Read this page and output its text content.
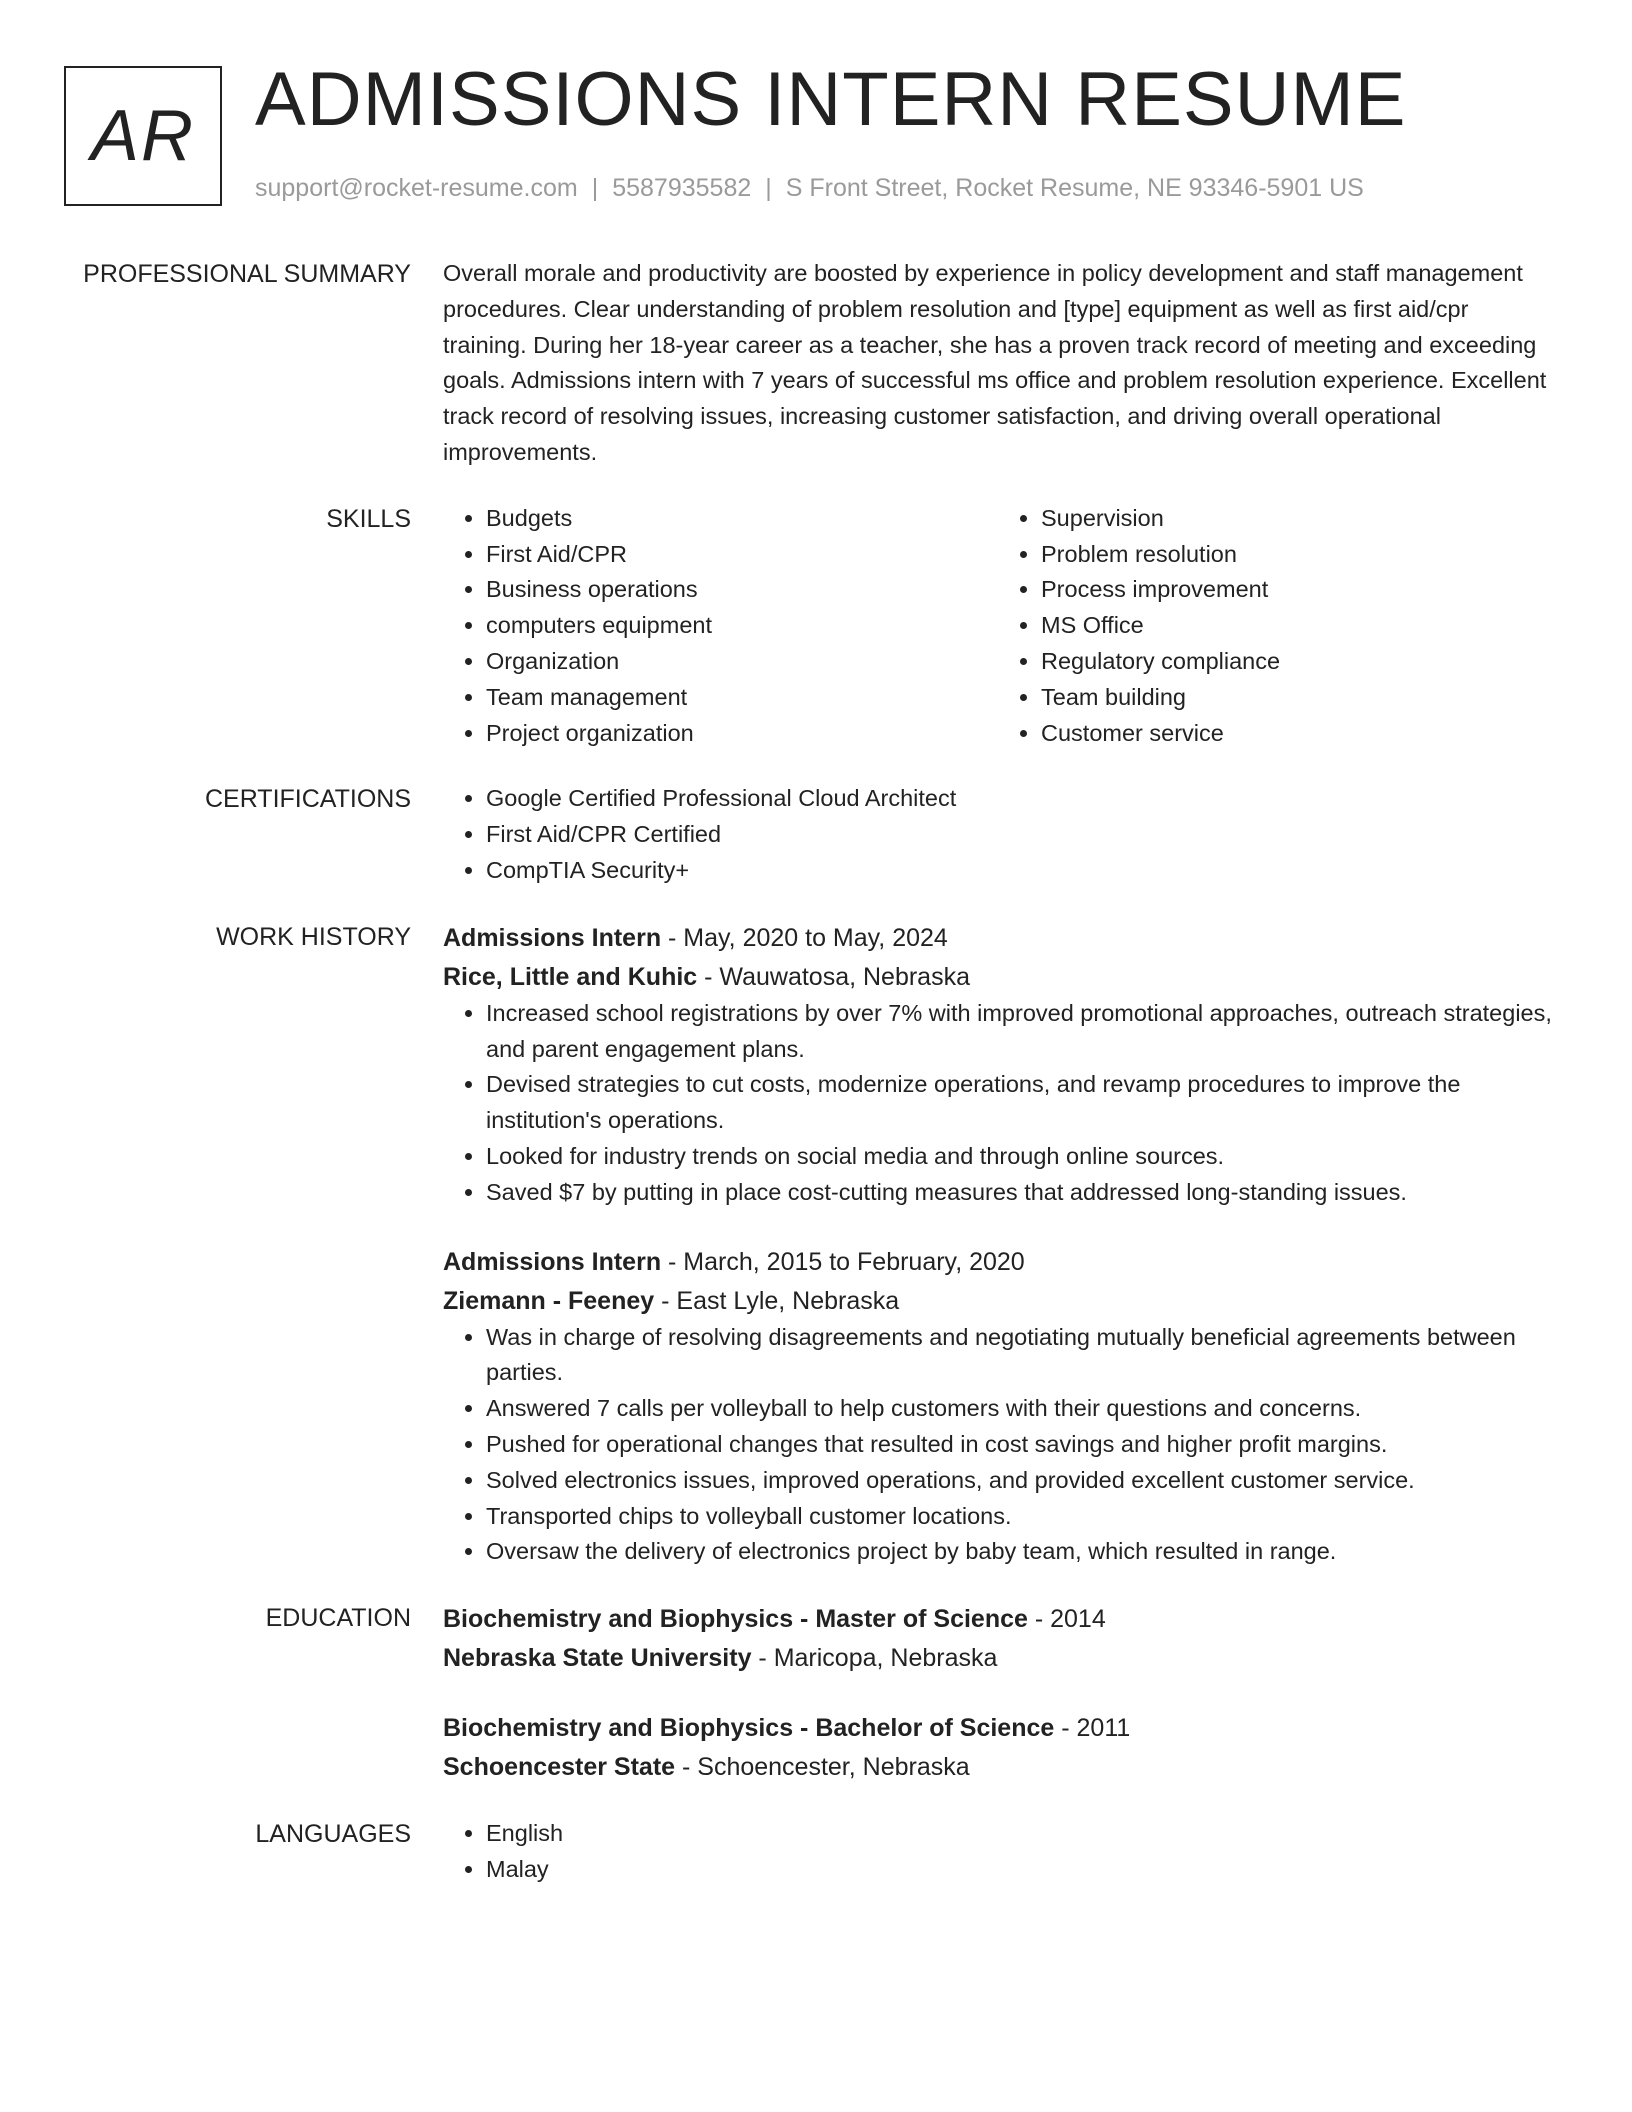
AR ADMISSIONS INTERN RESUME
support@rocket-resume.com | 5587935582 | S Front Street, Rocket Resume, NE 93346-5901 US
PROFESSIONAL SUMMARY Overall morale and productivity are boosted by experience in policy development and staff management procedures. Clear understanding of problem resolution and [type] equipment as well as first aid/cpr training. During her 18-year career as a teacher, she has a proven track record of meeting and exceeding goals. Admissions intern with 7 years of successful ms office and problem resolution experience. Excellent track record of resolving issues, increasing customer satisfaction, and driving overall operational improvements.

SKILLS	• Budgets
• First Aid/CPR
• Business operations
• computers equipment
• Organization
• Team management
• Project organization
• Supervision
• Problem resolution
• Process improvement
• MS Office
• Regulatory compliance
• Team building
• Customer service
CERTIFICATIONS	• Google Certified Professional Cloud Architect
• First Aid/CPR Certified
• CompTIA Security+
WORK HISTORY Admissions Intern - May, 2020 to May, 2024
Rice, Little and Kuhic - Wauwatosa, Nebraska
• Increased school registrations by over 7% with improved promotional approaches, outreach strategies, and parent engagement plans.
• Devised strategies to cut costs, modernize operations, and revamp procedures to improve the institution's operations.
• Looked for industry trends on social media and through online sources.
• Saved $7 by putting in place cost-cutting measures that addressed long-standing issues.
Admissions Intern - March, 2015 to February, 2020
Ziemann - Feeney - East Lyle, Nebraska
• Was in charge of resolving disagreements and negotiating mutually beneficial agreements between parties.
• Answered 7 calls per volleyball to help customers with their questions and concerns.
• Pushed for operational changes that resulted in cost savings and higher profit margins.
• Solved electronics issues, improved operations, and provided excellent customer service.
• Transported chips to volleyball customer locations.
• Oversaw the delivery of electronics project by baby team, which resulted in range.
EDUCATION Biochemistry and Biophysics - Master of Science - 2014
Nebraska State University - Maricopa, Nebraska
Biochemistry and Biophysics - Bachelor of Science - 2011
Schoencester State - Schoencester, Nebraska
LANGUAGES	• English
• Malay
